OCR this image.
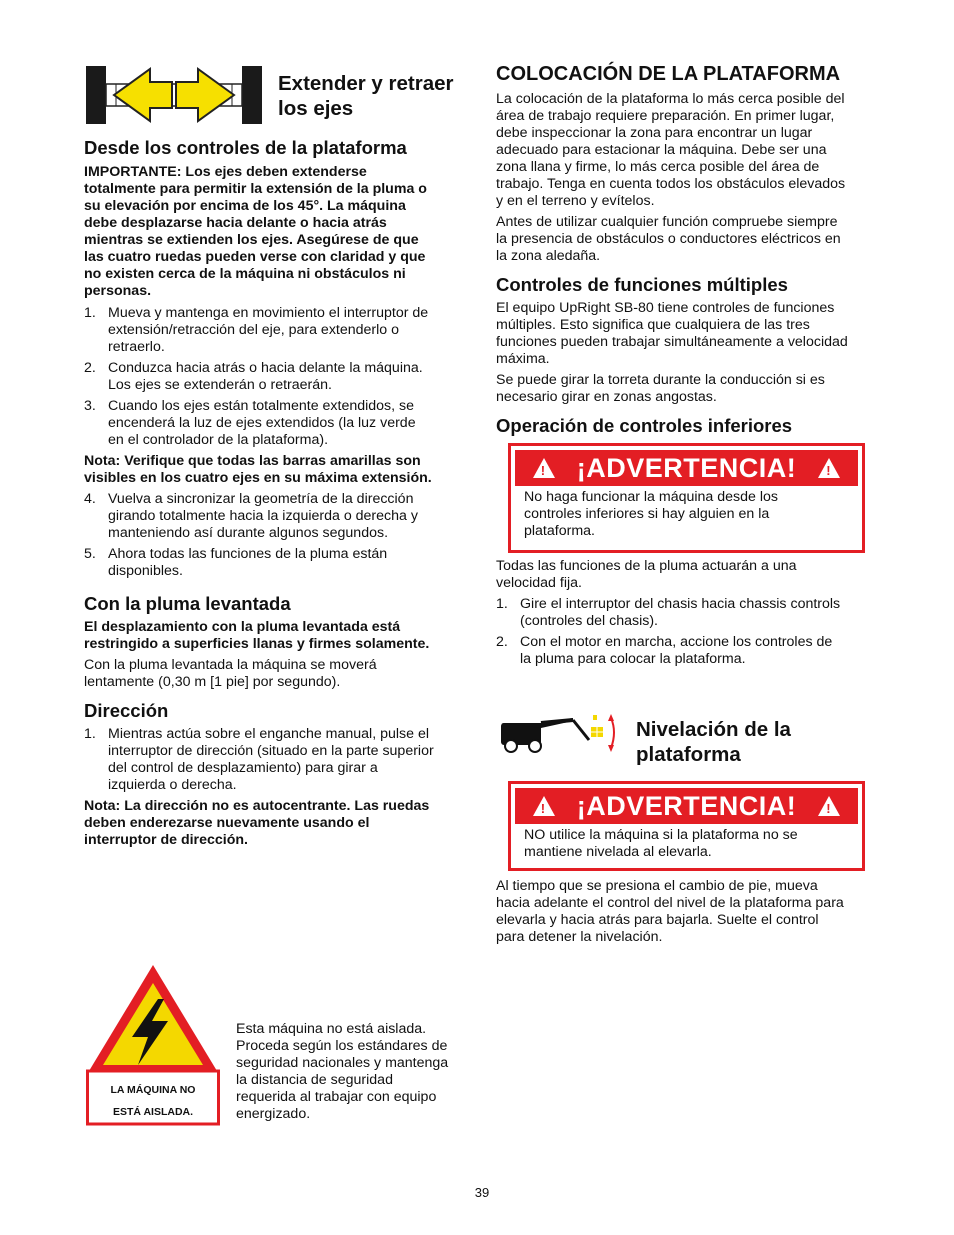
Extender y retraer

los ejes

Desde los controles de la plataforma

IMPORTANTE: Los ejes deben extenderse

totalmente para permitir la extensión de la pluma o

su elevación por encima de los 45°. La máquina

debe desplazarse hacia delante o hacia atrás

mientras se extienden los ejes. Asegúrese de que

las cuatro ruedas pueden verse con claridad y que

no existen cerca de la máquina ni obstáculos ni

personas.

1. Mueva y mantenga en movimiento el interruptor de
extensión/retracción del eje, para extenderlo o
retraerlo.
2. Conduzca hacia atrás o hacia delante la máquina.
Los ejes se extenderán o retraerán.
3. Cuando los ejes están totalmente extendidos, se
encenderá la luz de ejes extendidos (la luz verde
en el controlador de la plataforma).

Nota: Verifique que todas las barras amarillas son

visibles en los cuatro ejes en su máxima extensión.

4. Vuelva a sincronizar la geometría de la dirección
girando totalmente hacia la izquierda o derecha y
manteniendo así durante algunos segundos.
5. Ahora todas las funciones de la pluma están
disponibles.

Con la pluma levantada

El desplazamiento con la pluma levantada está

restringido a superficies llanas y firmes solamente.

Con la pluma levantada la máquina se moverá

lentamente (0,30 m [1 pie] por segundo).

Dirección

1. Mientras actúa sobre el enganche manual, pulse el
interruptor de dirección (situado en la parte superior
del control de desplazamiento) para girar a
izquierda o derecha.

Nota: La dirección no es autocentrante. Las ruedas

deben enderezarse nuevamente usando el

interruptor de dirección.

LA MÁQUINA NO
ESTÁ AISLADA.

Esta máquina no está aislada.

Proceda según los estándares de

seguridad nacionales y mantenga

la distancia de seguridad

requerida al trabajar con equipo

energizado.

COLOCACIÓN DE LA PLATAFORMA

La colocación de la plataforma lo más cerca posible del

área de trabajo requiere preparación. En primer lugar,

debe inspeccionar la zona para encontrar un lugar

adecuado para estacionar la máquina. Debe ser una

zona llana y firme, lo más cerca posible del área de

trabajo. Tenga en cuenta todos los obstáculos elevados

y en el terreno y evítelos.

Antes de utilizar cualquier función compruebe siempre

la presencia de obstáculos o conductores eléctricos en

la zona aledaña.

Controles de funciones múltiples

El equipo UpRight SB-80 tiene controles de funciones

múltiples. Esto significa que cualquiera de las tres

funciones pueden trabajar simultáneamente a velocidad

máxima.

Se puede girar la torreta durante la conducción si es

necesario girar en zonas angostas.

Operación de controles inferiores

! ¡ADVERTENCIA! !

No haga funcionar la máquina desde los

controles inferiores si hay alguien en la

plataforma.

Todas las funciones de la pluma actuarán a una

velocidad fija.

1. Gire el interruptor del chasis hacia chassis controls
(controles del chasis).
2. Con el motor en marcha, accione los controles de
la pluma para colocar la plataforma.

Nivelación de la

plataforma

! ¡ADVERTENCIA! !

NO utilice la máquina si la plataforma no se

mantiene nivelada al elevarla.

Al tiempo que se presiona el cambio de pie, mueva

hacia adelante el control del nivel de la plataforma para

elevarla y hacia atrás para bajarla. Suelte el control

para detener la nivelación.

39
